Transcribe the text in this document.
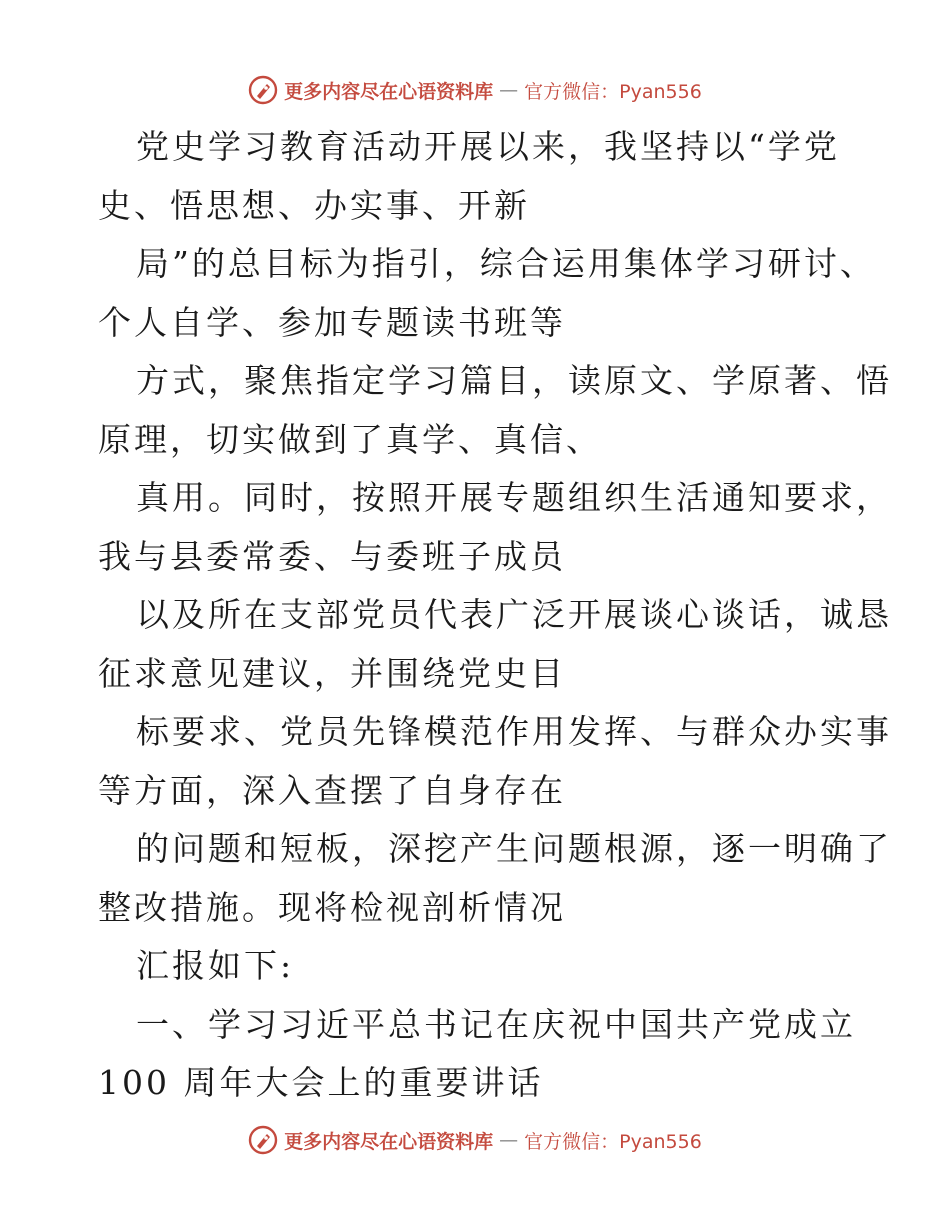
更多内容尽在心语资料库 — 官方微信：Pyan556
党史学习教育活动开展以来，我坚持以“学党
史、悟思想、办实事、开新
局”的总目标为指引，综合运用集体学习研讨、
个人自学、参加专题读书班等
方式，聚焦指定学习篇目，读原文、学原著、悟
原理，切实做到了真学、真信、
真用。同时，按照开展专题组织生活通知要求，
我与县委常委、与委班子成员
以及所在支部党员代表广泛开展谈心谈话，诚恳
征求意见建议，并围绕党史目
标要求、党员先锋模范作用发挥、与群众办实事
等方面，深入查摆了自身存在
的问题和短板，深挖产生问题根源，逐一明确了
整改措施。现将检视剖析情况
汇报如下:
一、学习习近平总书记在庆祝中国共产党成立
100 周年大会上的重要讲话
更多内容尽在心语资料库 — 官方微信：Pyan556
